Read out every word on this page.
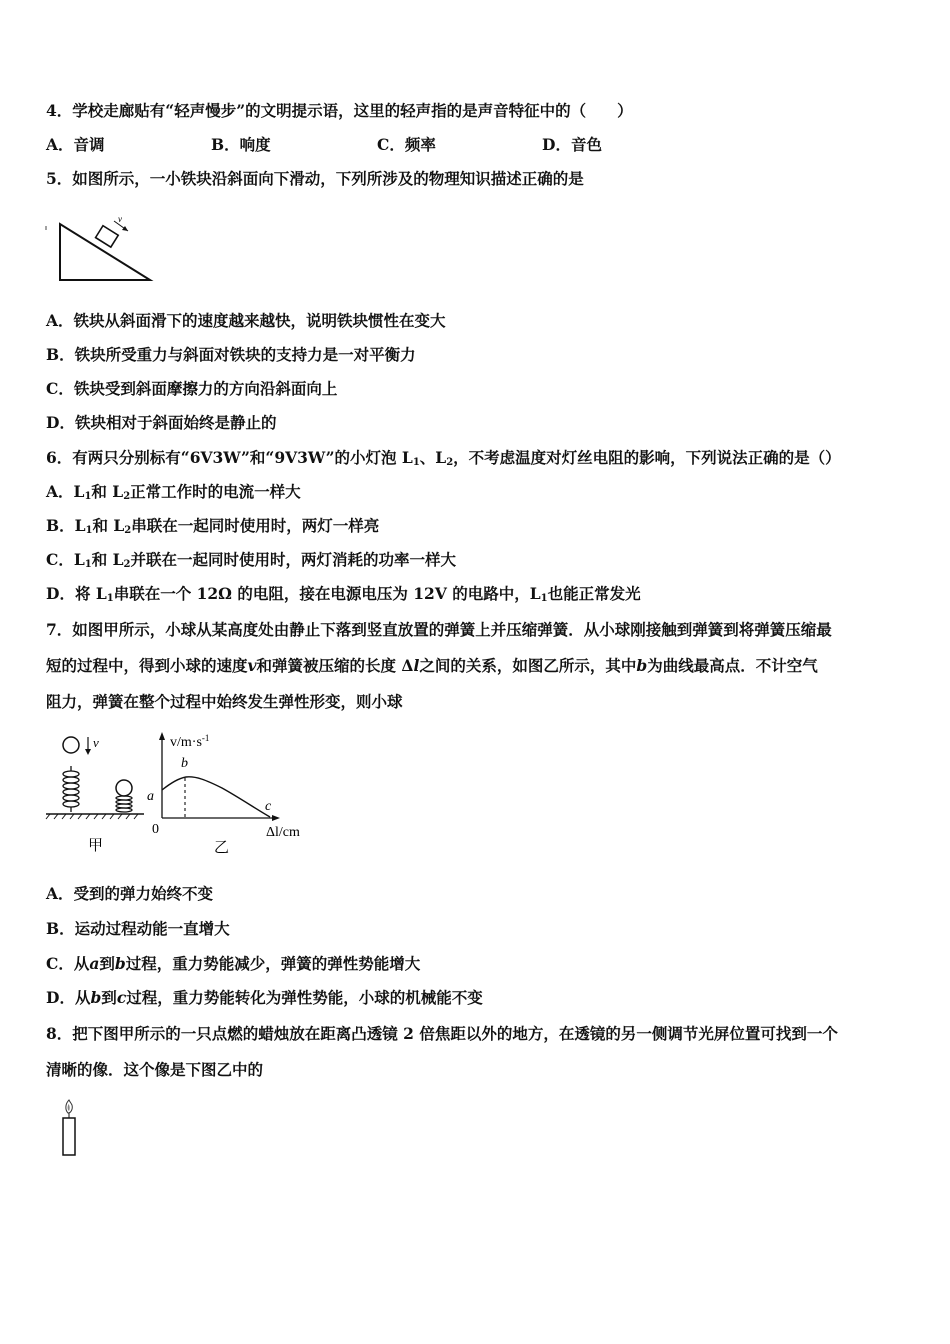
4．学校走廊贴有“轻声慢步”的文明提示语，这里的轻声指的是声音特征中的（　　）
A．音调	B．响度	C．频率	D．音色
5．如图所示，一小铁块沿斜面向下滑动，下列所涉及的物理知识描述正确的是
v
A．铁块从斜面滑下的速度越来越快，说明铁块惯性在变大
B．铁块所受重力与斜面对铁块的支持力是一对平衡力
C．铁块受到斜面摩擦力的方向沿斜面向上
D．铁块相对于斜面始终是静止的
6．有两只分别标有“6V3W”和“9V3W”的小灯泡 $L_1$、$L_2$，不考虑温度对灯丝电阻的影响，下列说法正确的是（）
A．$L_1$和 $L_2$正常工作时的电流一样大
B．$L_1$和 $L_2$串联在一起同时使用时，两灯一样亮
C．$L_1$和 $L_2$并联在一起同时使用时，两灯消耗的功率一样大
D．将 $L_1$串联在一个 12Ω 的电阻，接在电源电压为 12V 的电路中，$L_1$也能正常发光
7．如图甲所示，小球从某高度处由静止下落到竖直放置的弹簧上并压缩弹簧．从小球刚接触到弹簧到将弹簧压缩最
短的过程中，得到小球的速度v和弹簧被压缩的长度 Δl之间的关系，如图乙所示，其中b为曲线最高点．不计空气
阻力，弹簧在整个过程中始终发生弹性形变，则小球
v
甲
$v/m\cdot s^{-1}$
a
b
c
0	Δl/cm
乙
A．受到的弹力始终不变
B．运动过程动能一直增大
C．从a到b过程，重力势能减少，弹簧的弹性势能增大
D．从b到c过程，重力势能转化为弹性势能，小球的机械能不变
8．把下图甲所示的一只点燃的蜡烛放在距离凸透镜 2 倍焦距以外的地方，在透镜的另一侧调节光屏位置可找到一个
清晰的像．这个像是下图乙中的
